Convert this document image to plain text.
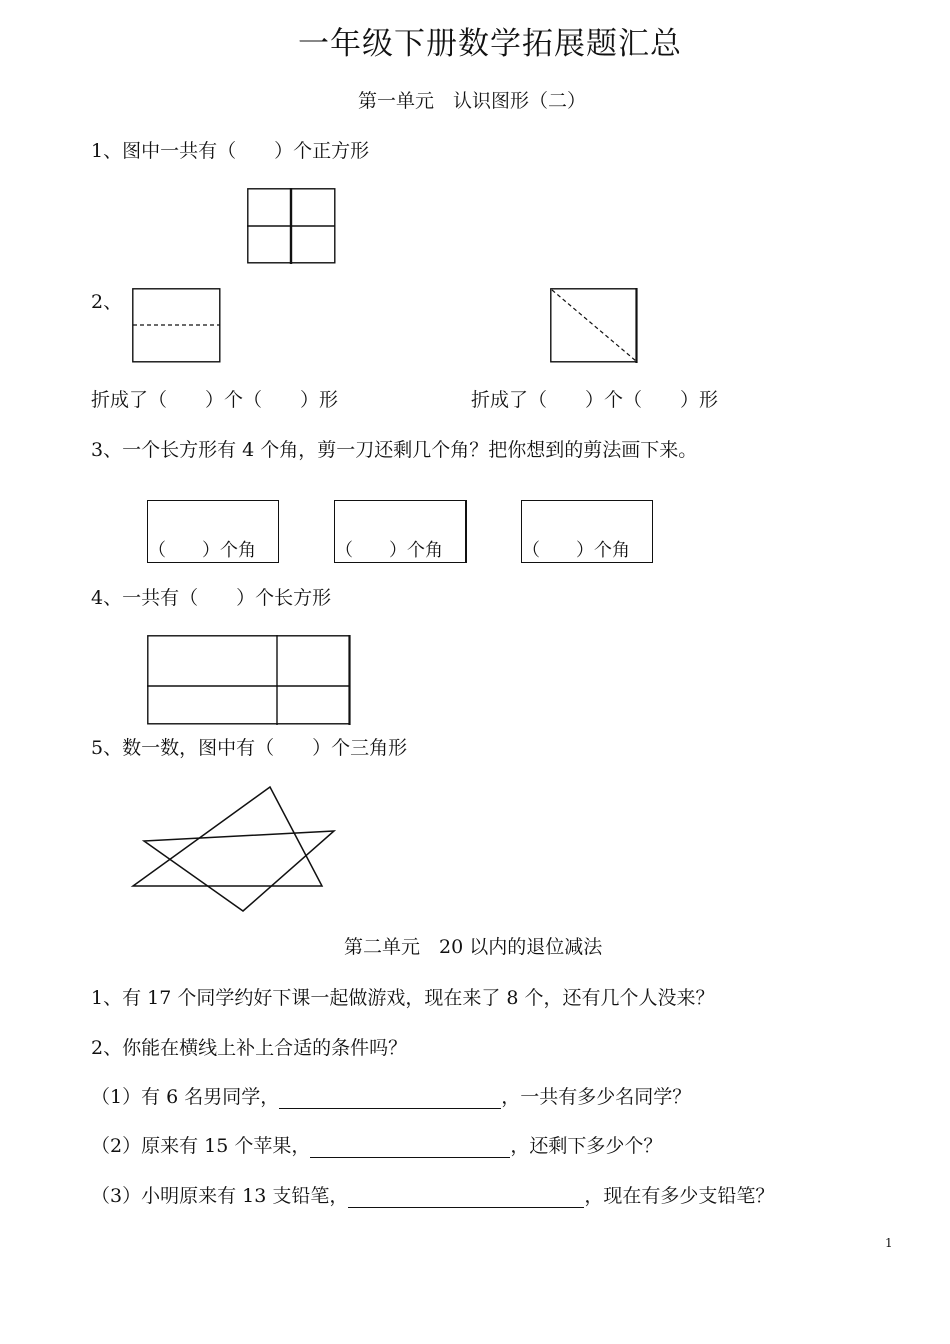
一年级下册数学拓展题汇总
第一单元　认识图形（二）
1、图中一共有（　　）个正方形
2、
折成了（　　）个（　　）形	折成了（　　）个（　　）形
3、一个长方形有 4 个角，剪一刀还剩几个角？把你想到的剪法画下来。
（　　）个角	（　　）个角	（　　）个角
4、一共有（　　）个长方形
5、数一数，图中有（　　）个三角形
第二单元　20 以内的退位减法
1、有 17 个同学约好下课一起做游戏，现在来了 8 个，还有几个人没来？
2、你能在横线上补上合适的条件吗？
（1）有 6 名男同学，	，一共有多少名同学？
（2）原来有 15 个苹果，	，还剩下多少个？
（3）小明原来有 13 支铅笔，	，现在有多少支铅笔？
1
